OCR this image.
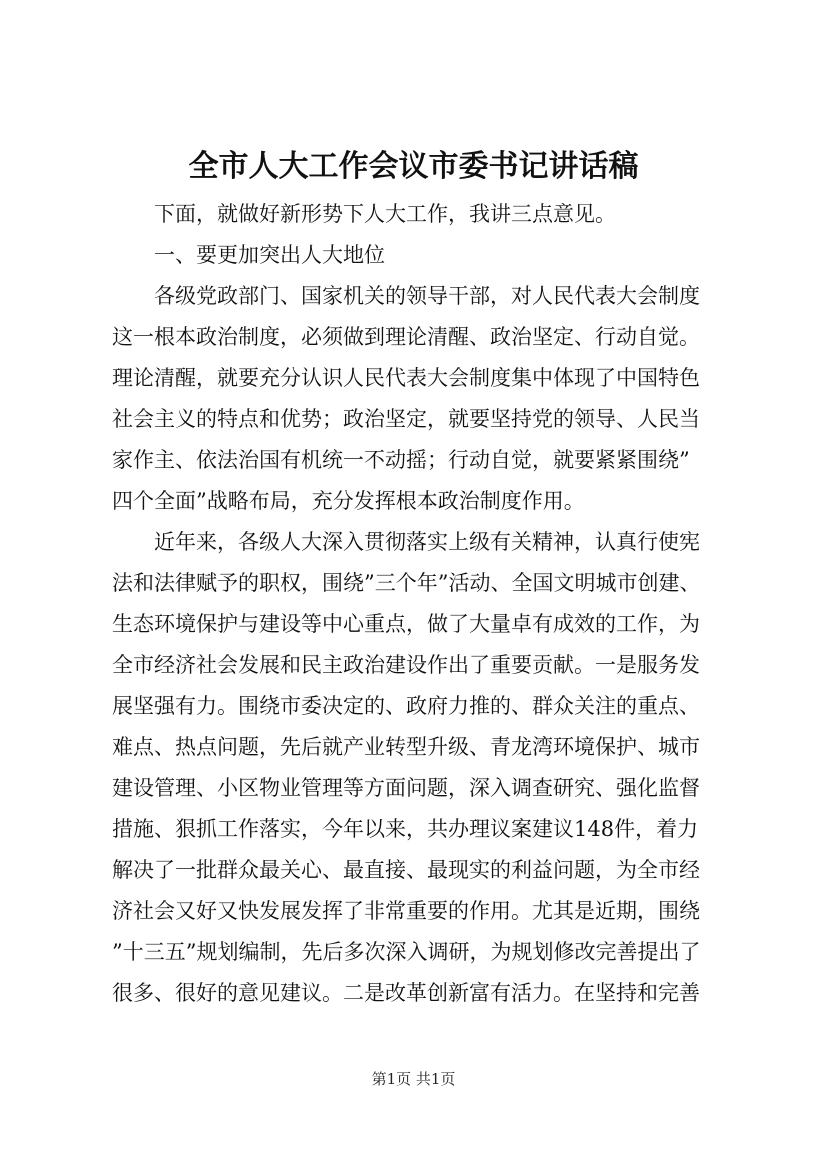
全市人大工作会议市委书记讲话稿
下面，就做好新形势下人大工作，我讲三点意见。
一、要更加突出人大地位
各级党政部门、国家机关的领导干部，对人民代表大会制度
这一根本政治制度，必须做到理论清醒、政治坚定、行动自觉。
理论清醒，就要充分认识人民代表大会制度集中体现了中国特色
社会主义的特点和优势；政治坚定，就要坚持党的领导、人民当
家作主、依法治国有机统一不动摇；行动自觉，就要紧紧围绕”
四个全面”战略布局，充分发挥根本政治制度作用。
近年来，各级人大深入贯彻落实上级有关精神，认真行使宪
法和法律赋予的职权，围绕”三个年”活动、全国文明城市创建、
生态环境保护与建设等中心重点，做了大量卓有成效的工作，为
全市经济社会发展和民主政治建设作出了重要贡献。一是服务发
展坚强有力。围绕市委决定的、政府力推的、群众关注的重点、
难点、热点问题，先后就产业转型升级、青龙湾环境保护、城市
建设管理、小区物业管理等方面问题，深入调查研究、强化监督
措施、狠抓工作落实，今年以来，共办理议案建议148件，着力
解决了一批群众最关心、最直接、最现实的利益问题，为全市经
济社会又好又快发展发挥了非常重要的作用。尤其是近期，围绕
”十三五”规划编制，先后多次深入调研，为规划修改完善提出了
很多、很好的意见建议。二是改革创新富有活力。在坚持和完善
第1页 共1页
